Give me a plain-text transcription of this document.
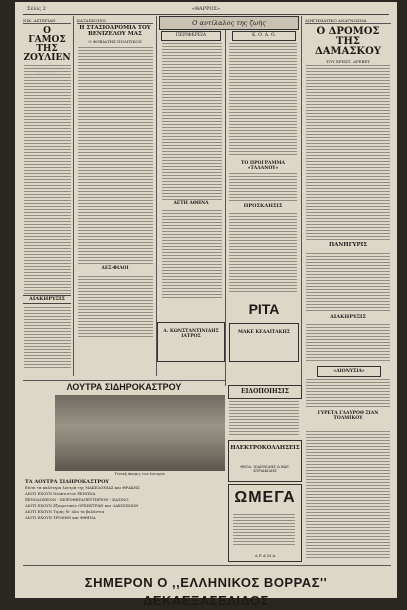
Σελίς 2	«ΘΑΡΡΟΣ»
ΝΙΚ. ΑΣΤΕΡΙΑΝ
Ο ΓΑΜΟΣ ΤΗΣ ΖΟΥΛΙΕΝ
ΔΙΑΚΗΡΥΞΙΣ
ΚΑΤΑΣΚΟΠΟΙ
Η ΣΤΑΣΙΟΔΡΟΜΙΑ ΤΟΥ ΒΕΝΙΖΕΛΟΥ ΜΑΣ
Ο ΦΟΒΙΑΤΗΣ ΠΟΛΙΤΙΚΟΣ
ΔΕΞ·ΦΙΛΟΙ
Ο αντίλαλος της ζωής
ΠΕΡΙΦΕΡΕΙΑ	Κ. Ο. Δ. Ο.
ΔΕΤΗ ΑΘΗΝΑ
ΤΟ ΠΡΟΓΡΑΜΜΑ «ΤΑΛΑΝΟΥ»
ΠΡΟΣΚΛΗΣΙΣ
ΔΙΗΓΗΜΑΤΙΚΟ ΑΝΑΓΝΩΣΜΑ
Ο ΔΡΟΜΟΣ ΤΗΣ ΔΑΜΑΣΚΟΥ
ΤΟΥ ΧΡΗΣΤ. ΔΡΕΒΕΤ
ΠΑΝΗΓΥΡΙΣ
ΔΙΑΚΗΡΥΞΙΣ
«ΔΙΟΝΥΣΙΑ»
ΓΥΡΕΤΑ ΓΛΑΥΡΟΘ ΞΙΑΝ ΤΟΛΜΙΚΟΥ
Α. ΚΩΝΣΤΑΝΤΙΝΙΔΗΣ ΙΑΤΡΟΣ
ΡΙΤΑ
ΜΑΚΕ ΚΕΔΑΙΤΑΚΗΣ
ΛΟΥΤΡΑ ΣΙΔΗΡΟΚΑΣΤΡΟΥ
Γενική άποψις των λουτρών
ΤΑ ΛΟΥΤΡΑ ΣΙΔΗΡΟΚΑΣΤΡΟΥ
Είναι τα καλύτερα λουτρά της ΜΑΚΕΔΟΝΙΑΣ και ΘΡΑΚΗΣ
ΔΙΟΤΙ ΕΧΟΥΝ Νεόκτιστον ΞΕΝΩΝΑ
ΞΕΝΟΔΟΧΕΙΟΝ - ΧΕΙΡΟΘΕΡΑΠΕΥΤΗΡΙΟΝ - ΚΑΖΙΝΟ
ΔΙΟΤΙ ΕΧΟΥΝ Εξαιρετικόν ΟΡΧΗΣΤΡΑΝ και ΛΑΧΝΙΣΜΟΝ
ΔΙΟΤΙ ΕΧΟΥΝ Τιμάς δι' όλα τα βαλάντια
ΔΙΟΤΙ ΕΧΟΥΝ ΤΡΟΦΗΝ και ΦΘΗΝΑ
ΕΙΔΟΠΟΙΗΣΙΣ
ΗΛΕΚΤΡΟΚΟΛΛΗΣΕΙΣ
ΘΕΟΔ. ΙΩΑΝΝΙΔΗΣ & ΒΑΡ. ΚΥΡΙΑΚΙΔΗΣ
ΩΜΕΓΑ
Δ Ρ Α Μ Α
ΣΗΜΕΡΟΝ Ο ,,ΕΛΛΗΝΙΚΟΣ ΒΟΡΡΑΣ'' ΔΕΚΑΕΞΑΣΕΛΙΔΟΣ
